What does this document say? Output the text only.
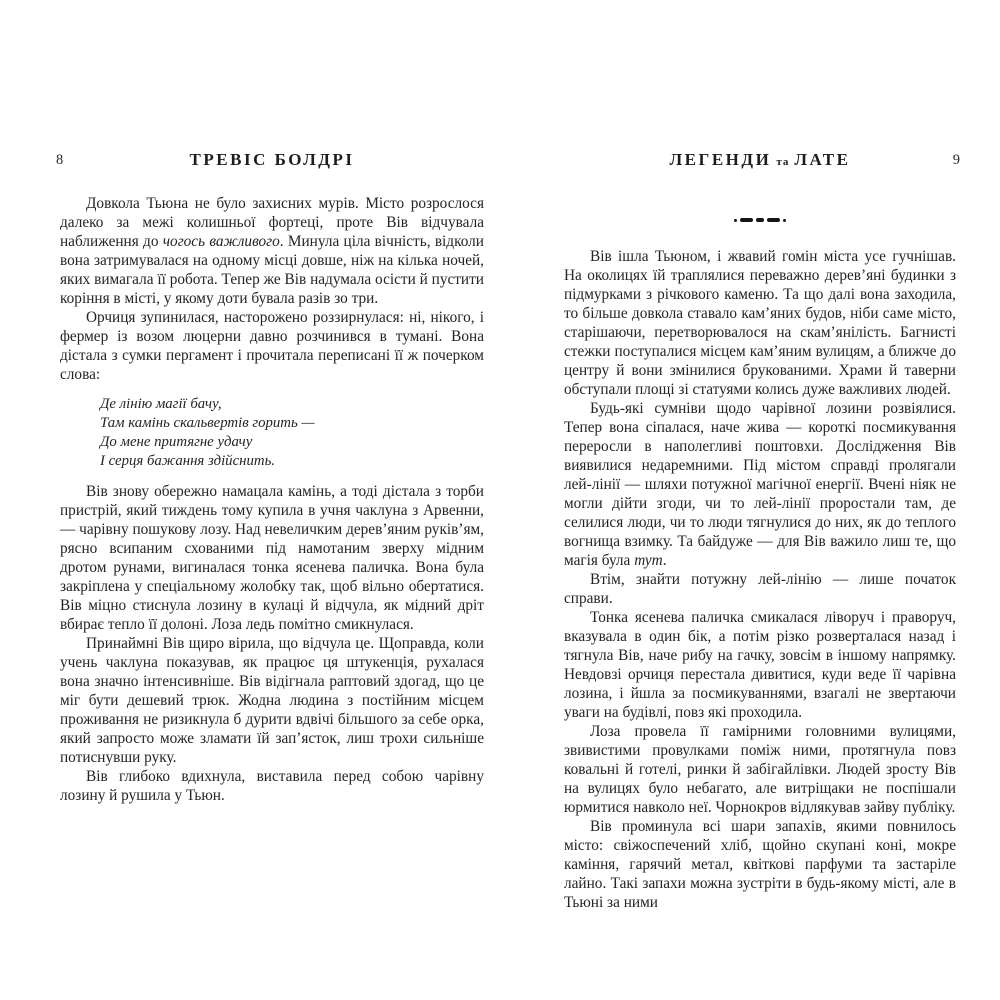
8	ТРЕВІС БОЛДРІ

Довкола Тьюна не було захисних мурів. Місто розрослося далеко за межі колишньої фортеці, проте Вів відчувала наближення до чогось важливого. Минула ціла вічність, відколи вона затримувалася на одному місці довше, ніж на кілька ночей, яких вимагала її робота. Тепер же Вів надумала осісти й пустити коріння в місті, у якому доти бувала разів зо три.

Орчиця зупинилася, насторожено роззирнулася: ні, нікого, і фермер із возом люцерни давно розчинився в тумані. Вона дістала з сумки пергамент і прочитала переписані її ж почерком слова:

Де лінію магії бачу,
Там камінь скальвертів горить —
До мене притягне удачу
І серця бажання здійснить.

Вів знову обережно намацала камінь, а тоді дістала з торби пристрій, який тиждень тому купила в учня чаклуна з Арвенни, — чарівну пошукову лозу. Над невеличким дерев’яним руків’ям, рясно всипаним схованими під намотаним зверху мідним дротом рунами, вигиналася тонка ясенева паличка. Вона була закріплена у спеціальному жолобку так, щоб вільно обертатися. Вів міцно стиснула лозину в кулаці й відчула, як мідний дріт вбирає тепло її долоні. Лоза ледь помітно смикнулася.

Принаймні Вів щиро вірила, що відчула це. Щоправда, коли учень чаклуна показував, як працює ця штукенція, рухалася вона значно інтенсивніше. Вів відігнала раптовий здогад, що це міг бути дешевий трюк. Жодна людина з постійним місцем проживання не ризикнула б дурити вдвічі більшого за себе орка, який запросто може зламати їй зап’ясток, лиш трохи сильніше потиснувши руку.

Вів глибоко вдихнула, виставила перед собою чарівну лозину й рушила у Тьюн.

ЛЕГЕНДИ та ЛАТЕ	9

Вів ішла Тьюном, і жвавий гомін міста усе гучнішав. На околицях їй траплялися переважно дерев’яні будинки з підмурками з річкового каменю. Та що далі вона заходила, то більше довкола ставало кам’яних будов, ніби саме місто, старішаючи, перетворювалося на скам’янілість. Багнисті стежки поступалися місцем кам’яним вулицям, а ближче до центру й вони змінилися брукованими. Храми й таверни обступали площі зі статуями колись дуже важливих людей.

Будь-які сумніви щодо чарівної лозини розвіялися. Тепер вона сіпалася, наче жива — короткі посмикування переросли в наполегливі поштовхи. Дослідження Вів виявилися недаремними. Під містом справді пролягали лей-лінії — шляхи потужної магічної енергії. Вчені ніяк не могли дійти згоди, чи то лей-лінії проростали там, де селилися люди, чи то люди тягнулися до них, як до теплого вогнища взимку. Та байдуже — для Вів важило лиш те, що магія була тут.

Втім, знайти потужну лей-лінію — лише початок справи.

Тонка ясенева паличка смикалася ліворуч і праворуч, вказувала в один бік, а потім різко розверталася назад і тягнула Вів, наче рибу на гачку, зовсім в іншому напрямку. Невдовзі орчиця перестала дивитися, куди веде її чарівна лозина, і йшла за посмикуваннями, взагалі не звертаючи уваги на будівлі, повз які проходила.

Лоза провела її гамірними головними вулицями, звивистими провулками поміж ними, протягнула повз ковальні й готелі, ринки й забігайлівки. Людей зросту Вів на вулицях було небагато, але витріщаки не поспішали юрмитися навколо неї. Чорнокров відлякував зайву публіку.

Вів проминула всі шари запахів, якими повнилось місто: свіжоспечений хліб, щойно скупані коні, мокре каміння, гарячий метал, квіткові парфуми та застаріле лайно. Такі запахи можна зустріти в будь-якому місті, але в Тьюні за ними
